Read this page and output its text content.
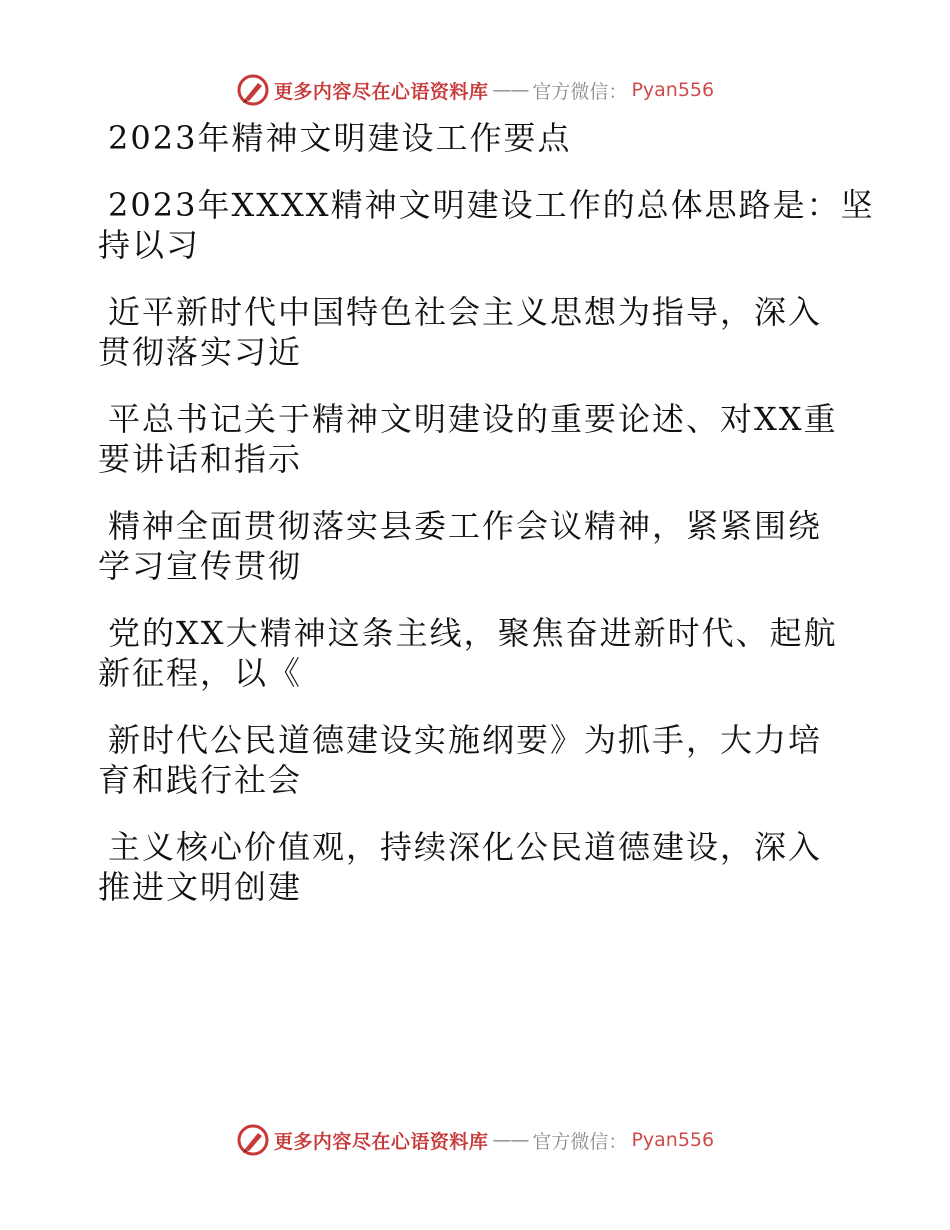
更多内容尽在心语资料库 —— 官方微信： Pyan556

2023年精神文明建设工作要点

2023年XXXX精神文明建设工作的总体思路是：坚

持以习

近平新时代中国特色社会主义思想为指导，深入

贯彻落实习近

平总书记关于精神文明建设的重要论述、对XX重

要讲话和指示

精神全面贯彻落实县委工作会议精神，紧紧围绕

学习宣传贯彻

党的XX大精神这条主线，聚焦奋进新时代、起航

新征程，以《

新时代公民道德建设实施纲要》为抓手，大力培

育和践行社会

主义核心价值观，持续深化公民道德建设，深入

推进文明创建

更多内容尽在心语资料库 —— 官方微信： Pyan556
